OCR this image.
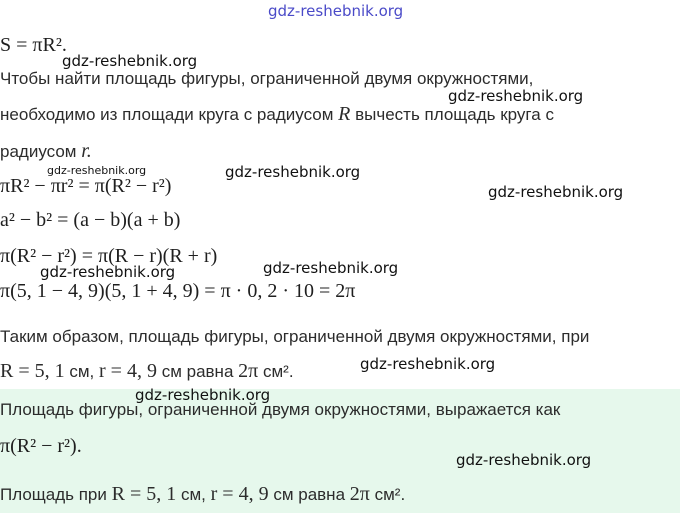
S = πR².
Чтобы найти площадь фигуры, ограниченной двумя окружностями,
необходимо из площади круга с радиусом R вычесть площадь круга с
радиусом r.
πR² − πr² = π(R² − r²)
a² − b² = (a − b)(a + b)
π(R² − r²) = π(R − r)(R + r)
π(5, 1 − 4, 9)(5, 1 + 4, 9) = π · 0, 2 · 10 = 2π
Таким образом, площадь фигуры, ограниченной двумя окружностями, при
R = 5, 1 см, r = 4, 9 см равна 2π см².
Площадь фигуры, ограниченной двумя окружностями, выражается как
π(R² − r²).
Площадь при R = 5, 1 см, r = 4, 9 см равна 2π см².
gdz-reshebnik.org
gdz-reshebnik.org
gdz-reshebnik.org
gdz-reshebnik.org	gdz-reshebnik.org
gdz-reshebnik.org
gdz-reshebnik.org	gdz-reshebnik.org
gdz-reshebnik.org
gdz-reshebnik.org
gdz-reshebnik.org
